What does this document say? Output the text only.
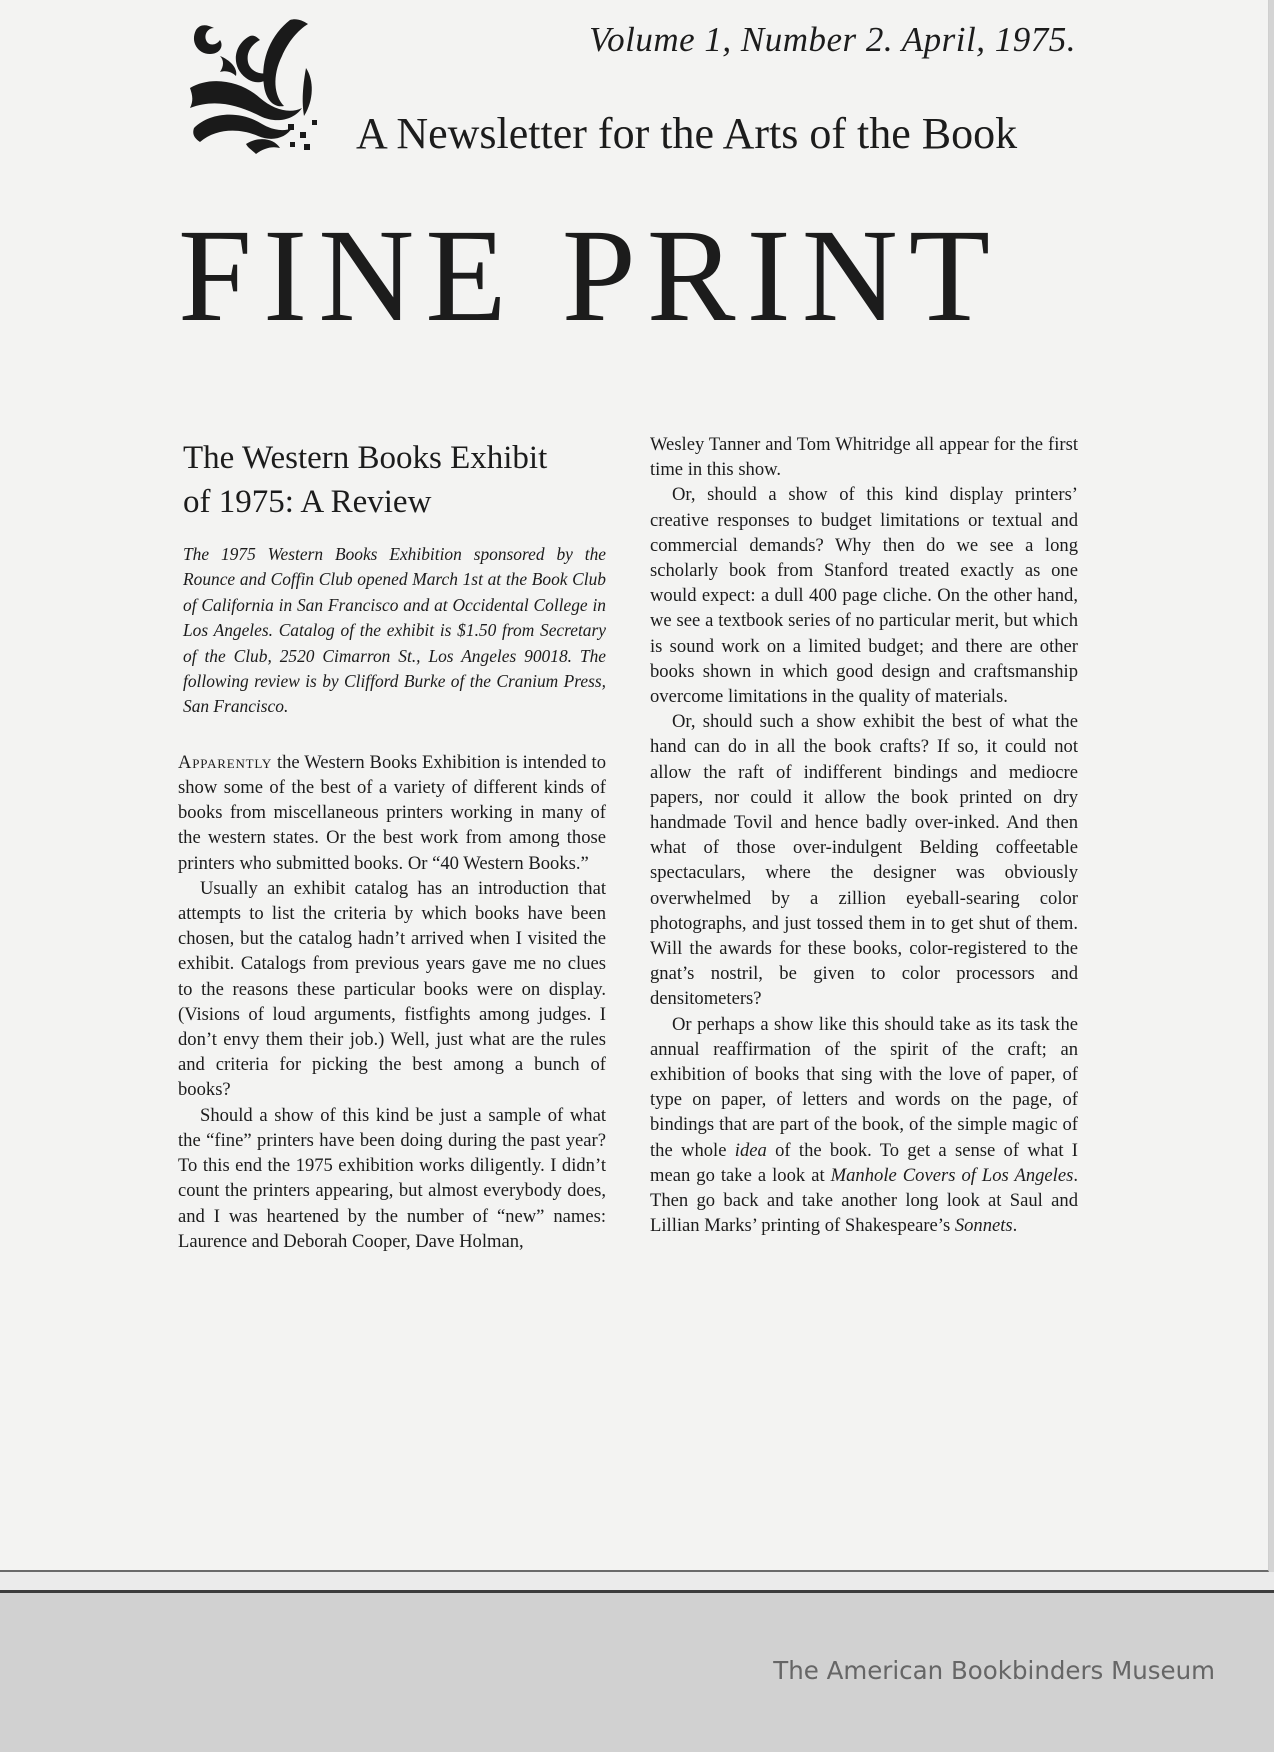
Volume 1, Number 2. April, 1975.
A Newsletter for the Arts of the Book
FINE PRINT
The Western Books Exhibit
of 1975: A Review
The 1975 Western Books Exhibition sponsored by the Rounce and Coffin Club opened March 1st at the Book Club of California in San Francisco and at Occidental College in Los Angeles. Catalog of the exhibit is $1.50 from Secretary of the Club, 2520 Cimarron St., Los Angeles 90018. The following review is by Clifford Burke of the Cranium Press, San Francisco.

Apparently the Western Books Exhibition is intended to show some of the best of a variety of different kinds of books from miscellaneous printers working in many of the western states. Or the best work from among those printers who submitted books. Or “40 Western Books.”

Usually an exhibit catalog has an introduction that attempts to list the criteria by which books have been chosen, but the catalog hadn’t arrived when I visited the exhibit. Catalogs from previous years gave me no clues to the reasons these particular books were on display. (Visions of loud arguments, fistfights among judges. I don’t envy them their job.) Well, just what are the rules and criteria for picking the best among a bunch of books?

Should a show of this kind be just a sample of what the “fine” printers have been doing during the past year? To this end the 1975 exhibition works diligently. I didn’t count the printers appearing, but almost everybody does, and I was heartened by the number of “new” names: Laurence and Deborah Cooper, Dave Holman,

Wesley Tanner and Tom Whitridge all appear for the first time in this show.

Or, should a show of this kind display printers’ creative responses to budget limitations or textual and commercial demands? Why then do we see a long scholarly book from Stanford treated exactly as one would expect: a dull 400 page cliche. On the other hand, we see a textbook series of no particular merit, but which is sound work on a limited budget; and there are other books shown in which good design and craftsmanship overcome limitations in the quality of materials.

Or, should such a show exhibit the best of what the hand can do in all the book crafts? If so, it could not allow the raft of indifferent bindings and mediocre papers, nor could it allow the book printed on dry handmade Tovil and hence badly over-inked. And then what of those over-indulgent Belding coffeetable spectaculars, where the designer was obviously overwhelmed by a zillion eyeball-searing color photographs, and just tossed them in to get shut of them. Will the awards for these books, color-registered to the gnat’s nostril, be given to color processors and densitometers?

Or perhaps a show like this should take as its task the annual reaffirmation of the spirit of the craft; an exhibition of books that sing with the love of paper, of type on paper, of letters and words on the page, of bindings that are part of the book, of the simple magic of the whole idea of the book. To get a sense of what I mean go take a look at Manhole Covers of Los Angeles. Then go back and take another long look at Saul and Lillian Marks’ printing of Shakespeare’s Sonnets.

The American Bookbinders Museum
